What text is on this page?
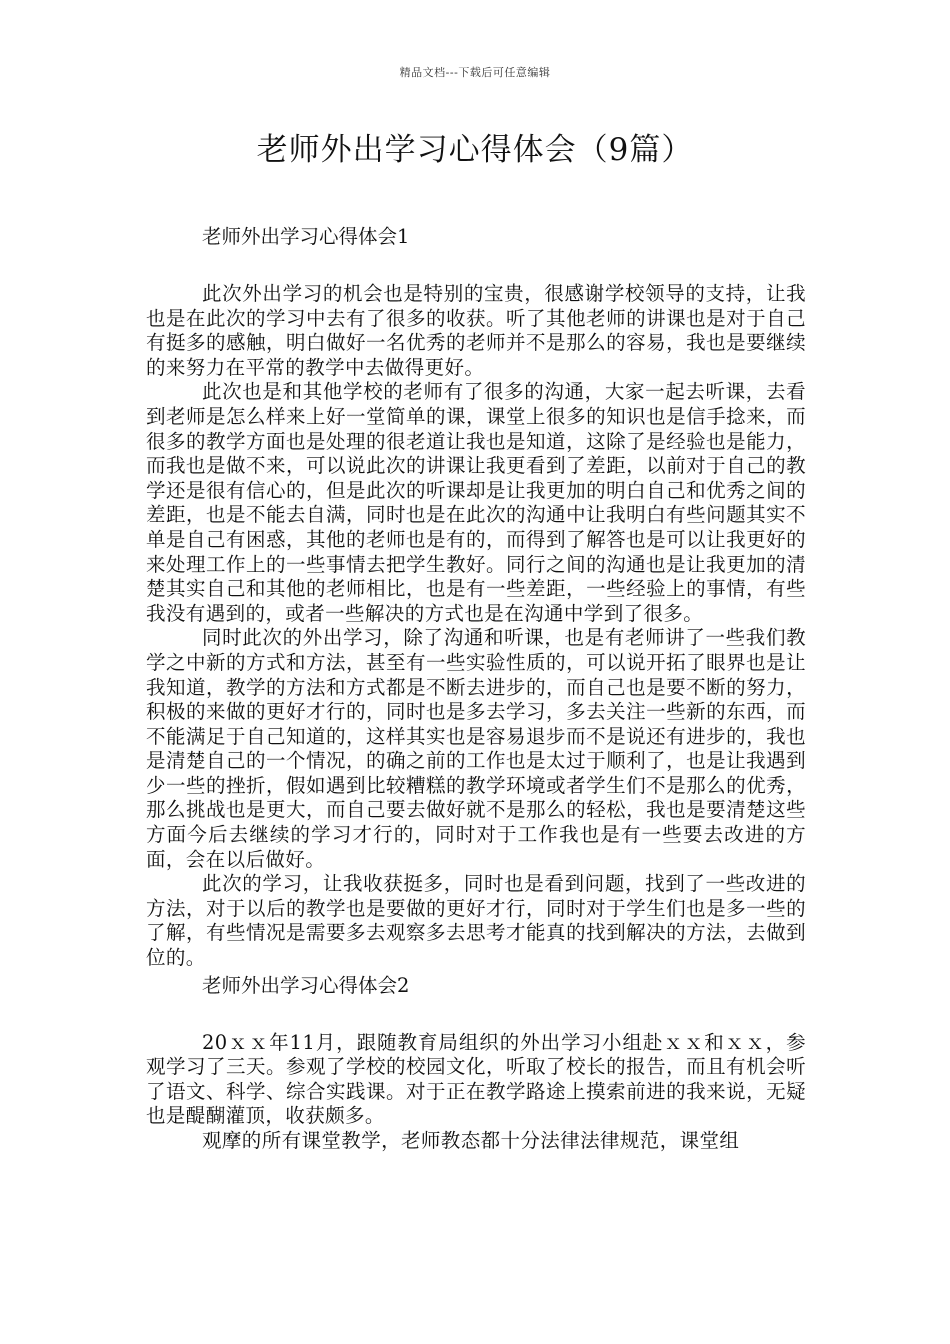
精品文档---下载后可任意编辑
老师外出学习心得体会（9篇）

老师外出学习心得体会1

此次外出学习的机会也是特别的宝贵，很感谢学校领导的支持，让我也是在此次的学习中去有了很多的收获。听了其他老师的讲课也是对于自己有挺多的感触，明白做好一名优秀的老师并不是那么的容易，我也是要继续的来努力在平常的教学中去做得更好。

此次也是和其他学校的老师有了很多的沟通，大家一起去听课，去看到老师是怎么样来上好一堂简单的课，课堂上很多的知识也是信手捻来，而很多的教学方面也是处理的很老道让我也是知道，这除了是经验也是能力，而我也是做不来，可以说此次的讲课让我更看到了差距，以前对于自己的教学还是很有信心的，但是此次的听课却是让我更加的明白自己和优秀之间的差距，也是不能去自满，同时也是在此次的沟通中让我明白有些问题其实不单是自己有困惑，其他的老师也是有的，而得到了解答也是可以让我更好的来处理工作上的一些事情去把学生教好。同行之间的沟通也是让我更加的清楚其实自己和其他的老师相比，也是有一些差距，一些经验上的事情，有些我没有遇到的，或者一些解决的方式也是在沟通中学到了很多。

同时此次的外出学习，除了沟通和听课，也是有老师讲了一些我们教学之中新的方式和方法，甚至有一些实验性质的，可以说开拓了眼界也是让我知道，教学的方法和方式都是不断去进步的，而自己也是要不断的努力，积极的来做的更好才行的，同时也是多去学习，多去关注一些新的东西，而不能满足于自己知道的，这样其实也是容易退步而不是说还有进步的，我也是清楚自己的一个情况，的确之前的工作也是太过于顺利了，也是让我遇到少一些的挫折，假如遇到比较糟糕的教学环境或者学生们不是那么的优秀，那么挑战也是更大，而自己要去做好就不是那么的轻松，我也是要清楚这些方面今后去继续的学习才行的，同时对于工作我也是有一些要去改进的方面，会在以后做好。

此次的学习，让我收获挺多，同时也是看到问题，找到了一些改进的方法，对于以后的教学也是要做的更好才行，同时对于学生们也是多一些的了解，有些情况是需要多去观察多去思考才能真的找到解决的方法，去做到位的。

老师外出学习心得体会2

20ｘｘ年11月，跟随教育局组织的外出学习小组赴ｘｘ和ｘｘ，参观学习了三天。参观了学校的校园文化，听取了校长的报告，而且有机会听了语文、科学、综合实践课。对于正在教学路途上摸索前进的我来说，无疑也是醍醐灌顶，收获颇多。

观摩的所有课堂教学，老师教态都十分法律法律规范，课堂组
